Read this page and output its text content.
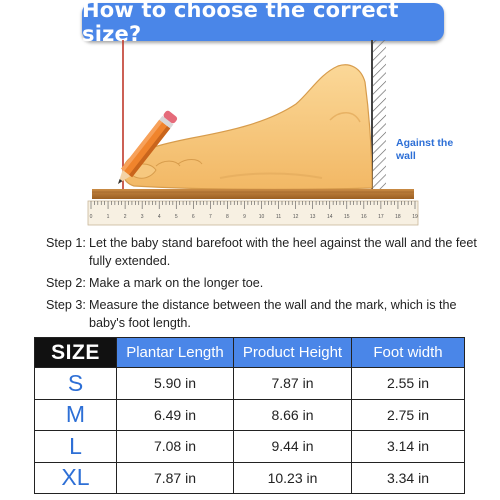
How to choose the correct size?
0	1	2	3	4	5	6	7	8	9	10 11 12 13 14 15 16 17 18 19
Against the wall
Step 1: Let the baby stand barefoot with the heel against the wall and the feet fully extended.
Step 2: Make a mark on the longer toe.
Step 3: Measure the distance between the wall and the mark, which is the baby's foot length.
SIZE	Plantar Length	Product Height	Foot width
S	5.90 in	7.87 in	2.55 in
M	6.49 in	8.66 in	2.75 in
L	7.08 in	9.44 in	3.14 in
XL	7.87 in	10.23 in	3.34 in
